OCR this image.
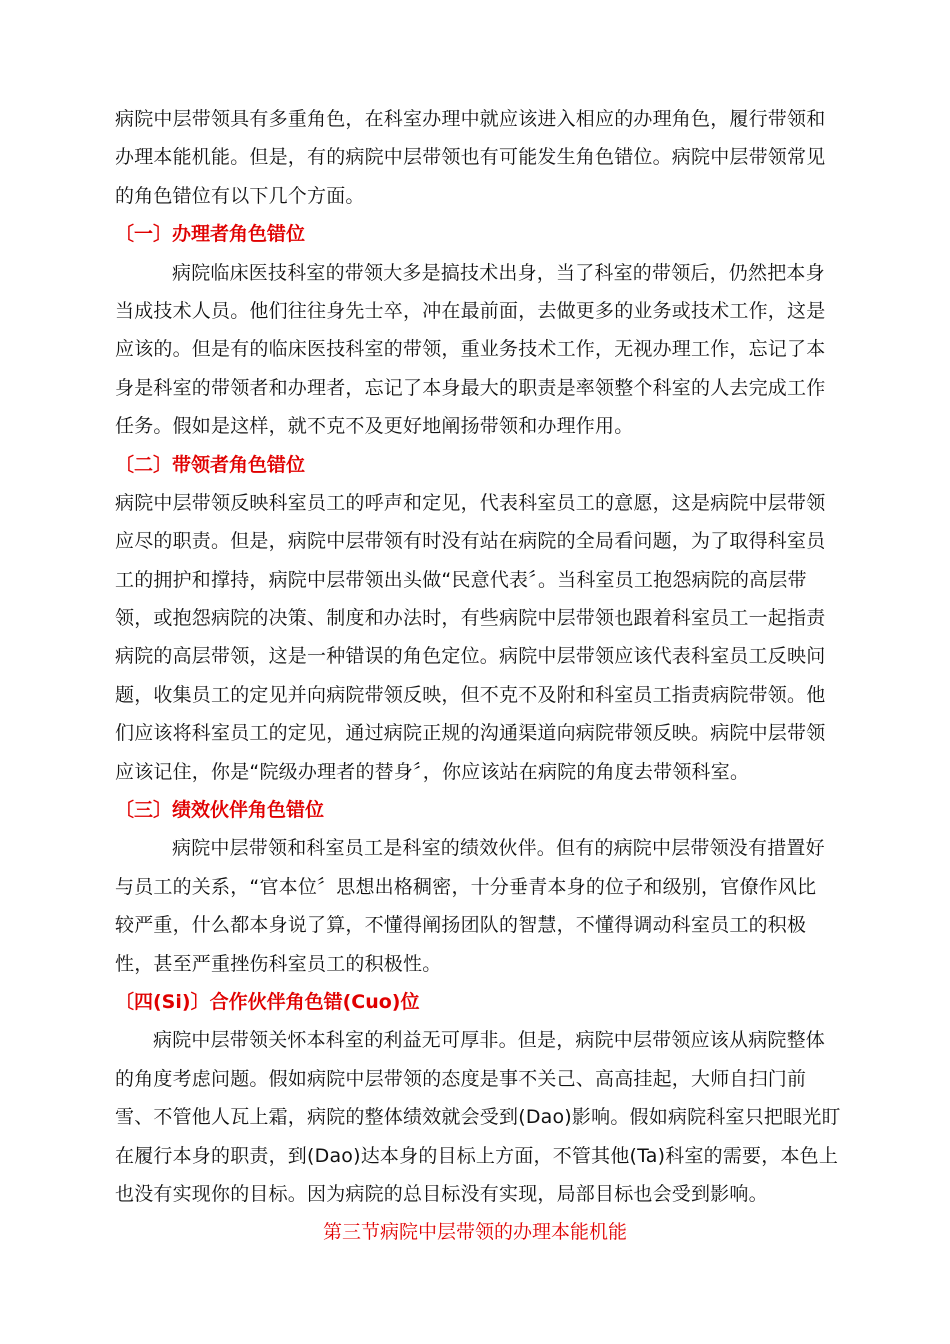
病院中层带领具有多重角色，在科室办理中就应该进入相应的办理角色，履行带领和
办理本能机能。但是，有的病院中层带领也有可能发生角色错位。病院中层带领常见
的角色错位有以下几个方面。
〔一〕办理者角色错位
病院临床医技科室的带领大多是搞技术出身，当了科室的带领后，仍然把本身
当成技术人员。他们往往身先士卒，冲在最前面，去做更多的业务或技术工作，这是
应该的。但是有的临床医技科室的带领，重业务技术工作，无视办理工作，忘记了本
身是科室的带领者和办理者，忘记了本身最大的职责是率领整个科室的人去完成工作
任务。假如是这样，就不克不及更好地阐扬带领和办理作用。
〔二〕带领者角色错位
病院中层带领反映科室员工的呼声和定见，代表科室员工的意愿，这是病院中层带领
应尽的职责。但是，病院中层带领有时没有站在病院的全局看问题，为了取得科室员
工的拥护和撑持，病院中层带领出头做“民意代表〞。当科室员工抱怨病院的高层带
领，或抱怨病院的决策、制度和办法时，有些病院中层带领也跟着科室员工一起指责
病院的高层带领，这是一种错误的角色定位。病院中层带领应该代表科室员工反映问
题，收集员工的定见并向病院带领反映，但不克不及附和科室员工指责病院带领。他
们应该将科室员工的定见，通过病院正规的沟通渠道向病院带领反映。病院中层带领
应该记住，你是“院级办理者的替身〞，你应该站在病院的角度去带领科室。
〔三〕绩效伙伴角色错位
病院中层带领和科室员工是科室的绩效伙伴。但有的病院中层带领没有措置好
与员工的关系，“官本位〞思想出格稠密，十分垂青本身的位子和级别，官僚作风比
较严重，什么都本身说了算，不懂得阐扬团队的智慧，不懂得调动科室员工的积极
性，甚至严重挫伤科室员工的积极性。
〔四(Si)〕合作伙伴角色错(Cuo)位
病院中层带领关怀本科室的利益无可厚非。但是，病院中层带领应该从病院整体
的角度考虑问题。假如病院中层带领的态度是事不关己、高高挂起，大师自扫门前
雪、不管他人瓦上霜，病院的整体绩效就会受到(Dao)影响。假如病院科室只把眼光盯
在履行本身的职责，到(Dao)达本身的目标上方面，不管其他(Ta)科室的需要，本色上
也没有实现你的目标。因为病院的总目标没有实现，局部目标也会受到影响。
第三节病院中层带领的办理本能机能
